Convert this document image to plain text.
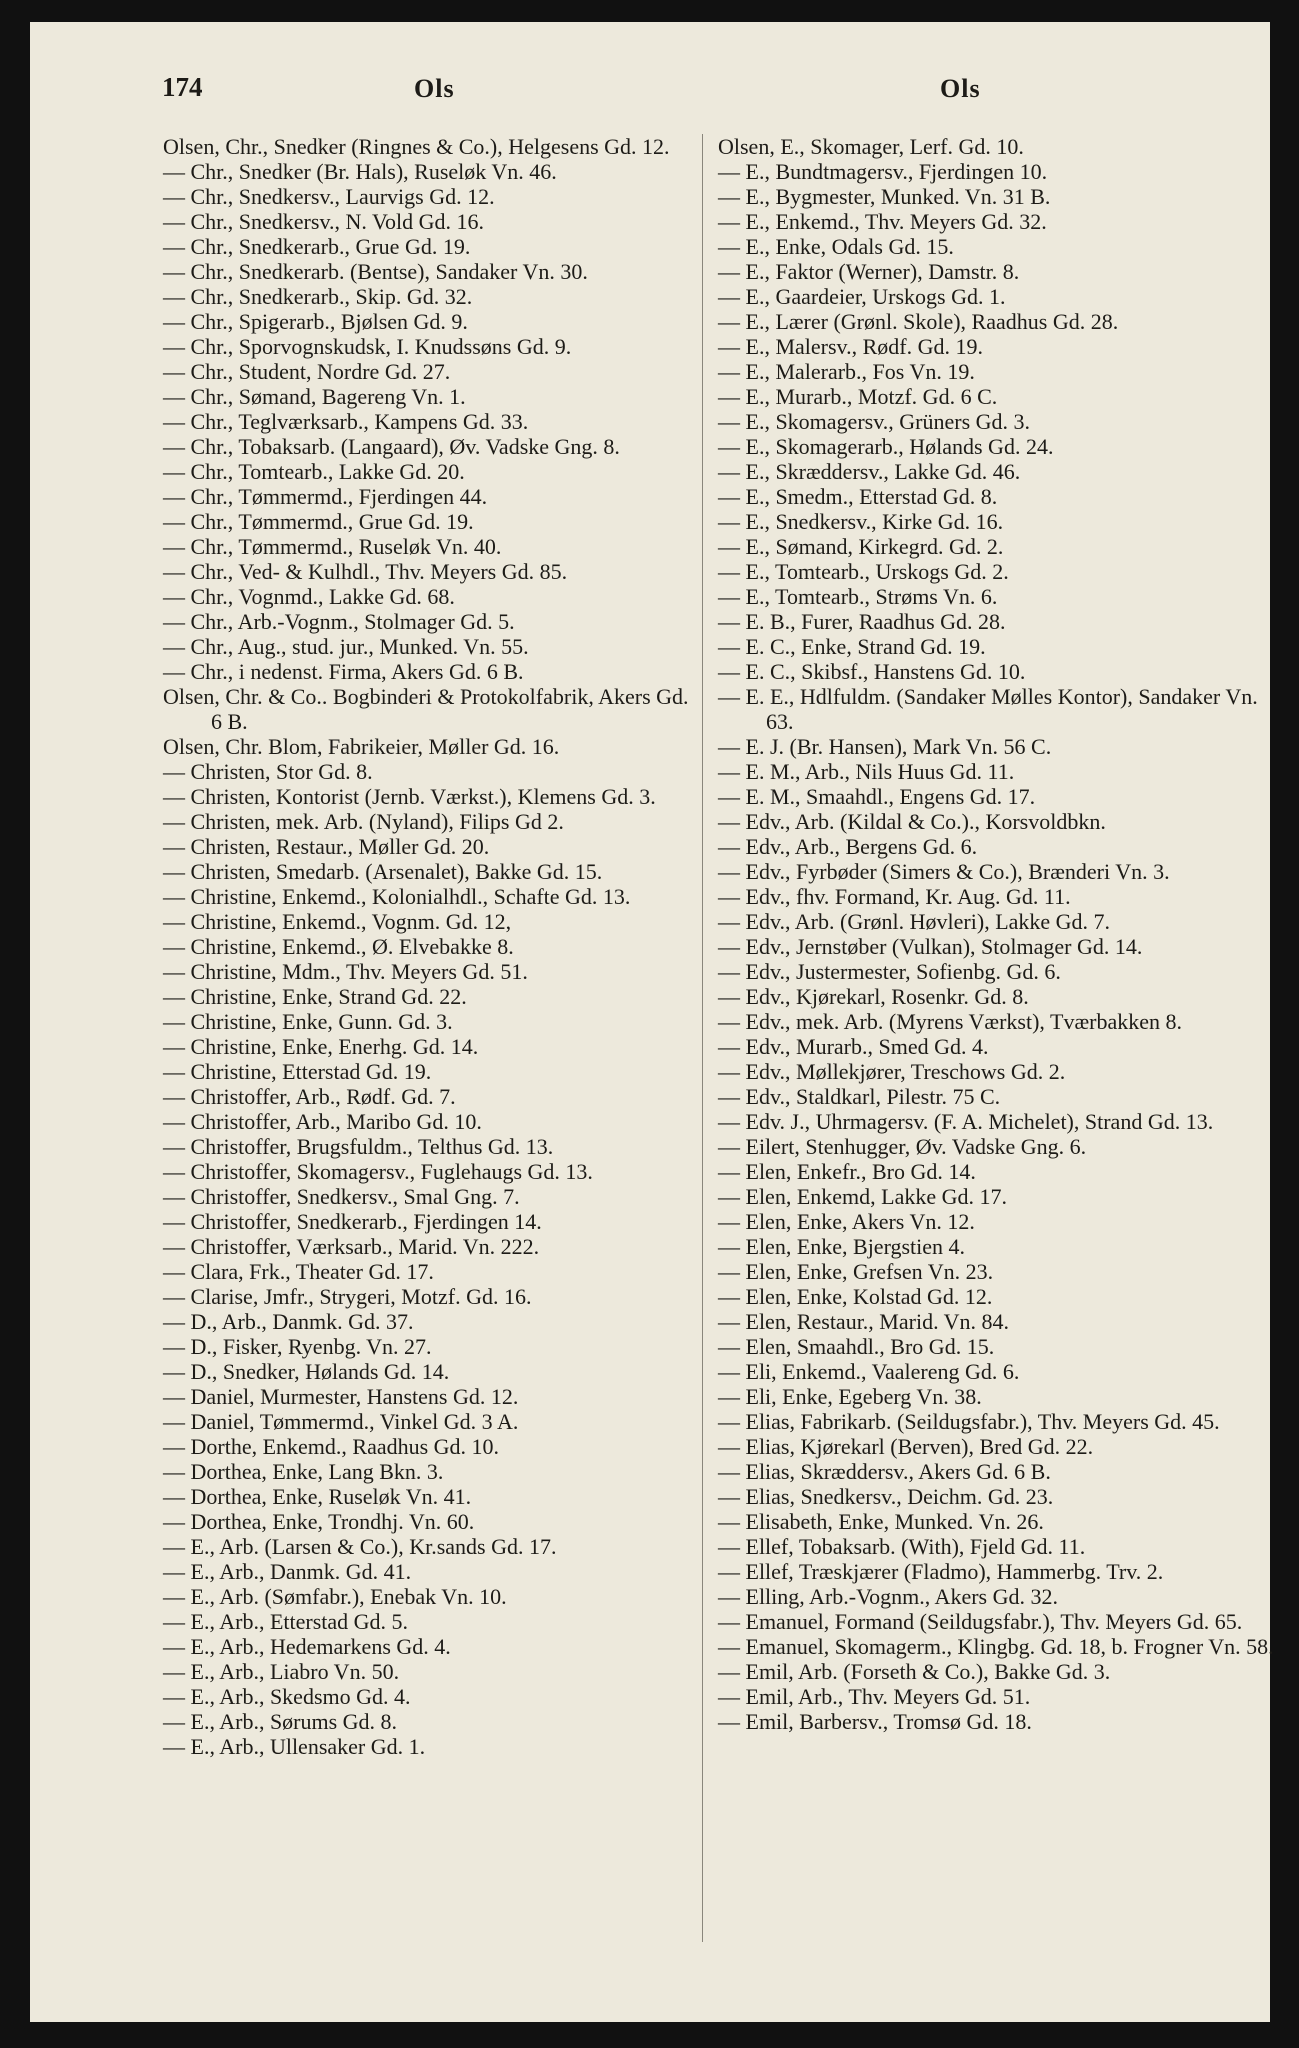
174	Ols	Ols

Olsen, Chr., Snedker (Ringnes & Co.), Helgesens Gd. 12.

— Chr., Snedker (Br. Hals), Ruseløk Vn. 46.

— Chr., Snedkersv., Laurvigs Gd. 12.

— Chr., Snedkersv., N. Vold Gd. 16.

— Chr., Snedkerarb., Grue Gd. 19.

— Chr., Snedkerarb. (Bentse), Sandaker Vn. 30.

— Chr., Snedkerarb., Skip. Gd. 32.

— Chr., Spigerarb., Bjølsen Gd. 9.

— Chr., Sporvognskudsk, I. Knudssøns Gd. 9.

— Chr., Student, Nordre Gd. 27.

— Chr., Sømand, Bagereng Vn. 1.

— Chr., Teglværksarb., Kampens Gd. 33.

— Chr., Tobaksarb. (Langaard), Øv. Vadske Gng. 8.

— Chr., Tomtearb., Lakke Gd. 20.

— Chr., Tømmermd., Fjerdingen 44.

— Chr., Tømmermd., Grue Gd. 19.

— Chr., Tømmermd., Ruseløk Vn. 40.

— Chr., Ved- & Kulhdl., Thv. Meyers Gd. 85.

— Chr., Vognmd., Lakke Gd. 68.

— Chr., Arb.-Vognm., Stolmager Gd. 5.

— Chr., Aug., stud. jur., Munked. Vn. 55.

— Chr., i nedenst. Firma, Akers Gd. 6 B.

Olsen, Chr. & Co.. Bogbinderi & Protokolfabrik, Akers Gd. 6 B.

Olsen, Chr. Blom, Fabrikeier, Møller Gd. 16.

— Christen, Stor Gd. 8.

— Christen, Kontorist (Jernb. Værkst.), Klemens Gd. 3.

— Christen, mek. Arb. (Nyland), Filips Gd 2.

— Christen, Restaur., Møller Gd. 20.

— Christen, Smedarb. (Arsenalet), Bakke Gd. 15.

— Christine, Enkemd., Kolonialhdl., Schafte Gd. 13.

— Christine, Enkemd., Vognm. Gd. 12,

— Christine, Enkemd., Ø. Elvebakke 8.

— Christine, Mdm., Thv. Meyers Gd. 51.

— Christine, Enke, Strand Gd. 22.

— Christine, Enke, Gunn. Gd. 3.

— Christine, Enke, Enerhg. Gd. 14.

— Christine, Etterstad Gd. 19.

— Christoffer, Arb., Rødf. Gd. 7.

— Christoffer, Arb., Maribo Gd. 10.

— Christoffer, Brugsfuldm., Telthus Gd. 13.

— Christoffer, Skomagersv., Fuglehaugs Gd. 13.

— Christoffer, Snedkersv., Smal Gng. 7.

— Christoffer, Snedkerarb., Fjerdingen 14.

— Christoffer, Værksarb., Marid. Vn. 222.

— Clara, Frk., Theater Gd. 17.

— Clarise, Jmfr., Strygeri, Motzf. Gd. 16.

— D., Arb., Danmk. Gd. 37.

— D., Fisker, Ryenbg. Vn. 27.

— D., Snedker, Hølands Gd. 14.

— Daniel, Murmester, Hanstens Gd. 12.

— Daniel, Tømmermd., Vinkel Gd. 3 A.

— Dorthe, Enkemd., Raadhus Gd. 10.

— Dorthea, Enke, Lang Bkn. 3.

— Dorthea, Enke, Ruseløk Vn. 41.

— Dorthea, Enke, Trondhj. Vn. 60.

— E., Arb. (Larsen & Co.), Kr.sands Gd. 17.

— E., Arb., Danmk. Gd. 41.

— E., Arb. (Sømfabr.), Enebak Vn. 10.

— E., Arb., Etterstad Gd. 5.

— E., Arb., Hedemarkens Gd. 4.

— E., Arb., Liabro Vn. 50.

— E., Arb., Skedsmo Gd. 4.

— E., Arb., Sørums Gd. 8.

— E., Arb., Ullensaker Gd. 1.

Olsen, E., Skomager, Lerf. Gd. 10.

— E., Bundtmagersv., Fjerdingen 10.

— E., Bygmester, Munked. Vn. 31 B.

— E., Enkemd., Thv. Meyers Gd. 32.

— E., Enke, Odals Gd. 15.

— E., Faktor (Werner), Damstr. 8.

— E., Gaardeier, Urskogs Gd. 1.

— E., Lærer (Grønl. Skole), Raadhus Gd. 28.

— E., Malersv., Rødf. Gd. 19.

— E., Malerarb., Fos Vn. 19.

— E., Murarb., Motzf. Gd. 6 C.

— E., Skomagersv., Grüners Gd. 3.

— E., Skomagerarb., Hølands Gd. 24.

— E., Skræddersv., Lakke Gd. 46.

— E., Smedm., Etterstad Gd. 8.

— E., Snedkersv., Kirke Gd. 16.

— E., Sømand, Kirkegrd. Gd. 2.

— E., Tomtearb., Urskogs Gd. 2.

— E., Tomtearb., Strøms Vn. 6.

— E. B., Furer, Raadhus Gd. 28.

— E. C., Enke, Strand Gd. 19.

— E. C., Skibsf., Hanstens Gd. 10.

— E. E., Hdlfuldm. (Sandaker Mølles Kontor), Sandaker Vn. 63.

— E. J. (Br. Hansen), Mark Vn. 56 C.

— E. M., Arb., Nils Huus Gd. 11.

— E. M., Smaahdl., Engens Gd. 17.

— Edv., Arb. (Kildal & Co.)., Korsvoldbkn.

— Edv., Arb., Bergens Gd. 6.

— Edv., Fyrbøder (Simers & Co.), Brænderi Vn. 3.

— Edv., fhv. Formand, Kr. Aug. Gd. 11.

— Edv., Arb. (Grønl. Høvleri), Lakke Gd. 7.

— Edv., Jernstøber (Vulkan), Stolmager Gd. 14.

— Edv., Justermester, Sofienbg. Gd. 6.

— Edv., Kjørekarl, Rosenkr. Gd. 8.

— Edv., mek. Arb. (Myrens Værkst), Tværbakken 8.

— Edv., Murarb., Smed Gd. 4.

— Edv., Møllekjører, Treschows Gd. 2.

— Edv., Staldkarl, Pilestr. 75 C.

— Edv. J., Uhrmagersv. (F. A. Michelet), Strand Gd. 13.

— Eilert, Stenhugger, Øv. Vadske Gng. 6.

— Elen, Enkefr., Bro Gd. 14.

— Elen, Enkemd, Lakke Gd. 17.

— Elen, Enke, Akers Vn. 12.

— Elen, Enke, Bjergstien 4.

— Elen, Enke, Grefsen Vn. 23.

— Elen, Enke, Kolstad Gd. 12.

— Elen, Restaur., Marid. Vn. 84.

— Elen, Smaahdl., Bro Gd. 15.

— Eli, Enkemd., Vaalereng Gd. 6.

— Eli, Enke, Egeberg Vn. 38.

— Elias, Fabrikarb. (Seildugsfabr.), Thv. Meyers Gd. 45.

— Elias, Kjørekarl (Berven), Bred Gd. 22.

— Elias, Skræddersv., Akers Gd. 6 B.

— Elias, Snedkersv., Deichm. Gd. 23.

— Elisabeth, Enke, Munked. Vn. 26.

— Ellef, Tobaksarb. (With), Fjeld Gd. 11.

— Ellef, Træskjærer (Fladmo), Hammerbg. Trv. 2.

— Elling, Arb.-Vognm., Akers Gd. 32.

— Emanuel, Formand (Seildugsfabr.), Thv. Meyers Gd. 65.

— Emanuel, Skomagerm., Klingbg. Gd. 18, b. Frogner Vn. 58.

— Emil, Arb. (Forseth & Co.), Bakke Gd. 3.

— Emil, Arb., Thv. Meyers Gd. 51.

— Emil, Barbersv., Tromsø Gd. 18.
